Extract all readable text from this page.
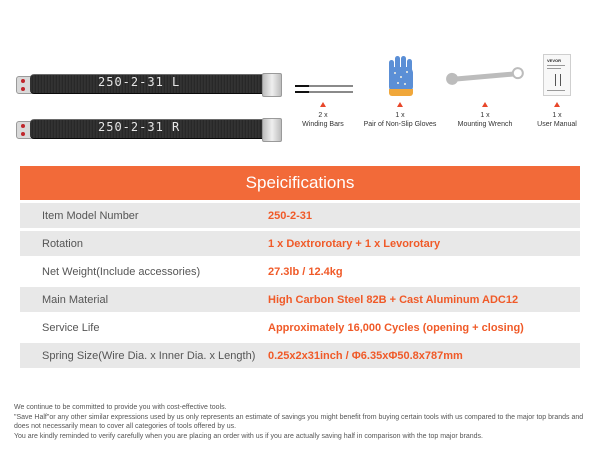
250-2-31 L
250-2-31 R
2 x
Winding Bars
1 x
Pair of Non-Slip Gloves
1 x
Mounting Wrench
VEVOR
1 x
User Manual
Speicifications
Item Model Number	250-2-31
Rotation	1 x Dextrorotary + 1 x Levorotary
Net Weight(Include accessories)	27.3lb / 12.4kg
Main Material	High Carbon Steel 82B + Cast Aluminum ADC12
Service Life	Approximately 16,000 Cycles (opening + closing)
Spring Size(Wire Dia. x Inner Dia. x Length)	0.25x2x31inch / Φ6.35xΦ50.8x787mm

We continue to be committed to provide you with cost-effective tools.

"Save Half"or any other similar expressions used by us only represents an estimate of savings you might benefit from buying certain tools with us compared to the major top brands and does not necessarily mean to cover all categories of tools offered by us.

You are kindly reminded to verify carefully when you are placing an order with us if you are actually saving half in comparison with the top major brands.
